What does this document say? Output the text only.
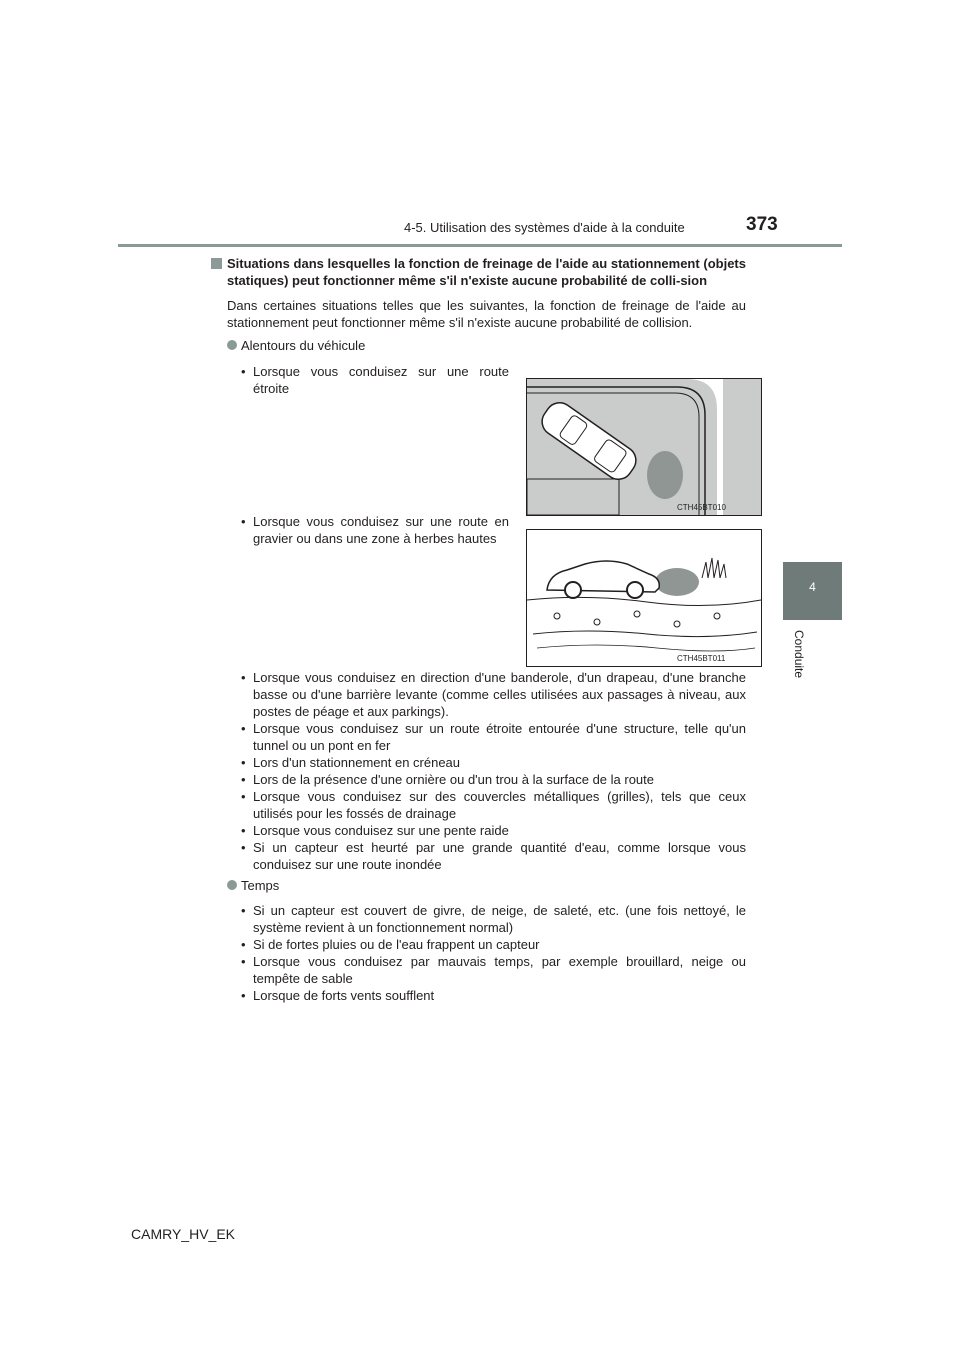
4-5. Utilisation des systèmes d'aide à la conduite	373
4
Conduite
Situations dans lesquelles la fonction de freinage de l'aide au stationnement (objets statiques) peut fonctionner même s'il n'existe aucune probabilité de colli-sion

Dans certaines situations telles que les suivantes, la fonction de freinage de l'aide au stationnement peut fonctionner même s'il n'existe aucune probabilité de collision.

Alentours du véhicule
• Lorsque vous conduisez sur une route étroite
• Lorsque vous conduisez sur une route en gravier ou dans une zone à herbes hautes
• Lorsque vous conduisez en direction d'une banderole, d'un drapeau, d'une branche basse ou d'une barrière levante (comme celles utilisées aux passages à niveau, aux postes de péage et aux parkings).
• Lorsque vous conduisez sur un route étroite entourée d'une structure, telle qu'un tunnel ou un pont en fer
• Lors d'un stationnement en créneau
• Lors de la présence d'une ornière ou d'un trou à la surface de la route
• Lorsque vous conduisez sur des couvercles métalliques (grilles), tels que ceux utilisés pour les fossés de drainage
• Lorsque vous conduisez sur une pente raide
• Si un capteur est heurté par une grande quantité d'eau, comme lorsque vous conduisez sur une route inondée
Temps
• Si un capteur est couvert de givre, de neige, de saleté, etc. (une fois nettoyé, le système revient à un fonctionnement normal)
• Si de fortes pluies ou de l'eau frappent un capteur
• Lorsque vous conduisez par mauvais temps, par exemple brouillard, neige ou tempête de sable
• Lorsque de forts vents soufflent
CTH45BT010
CTH45BT011
CAMRY_HV_EK
